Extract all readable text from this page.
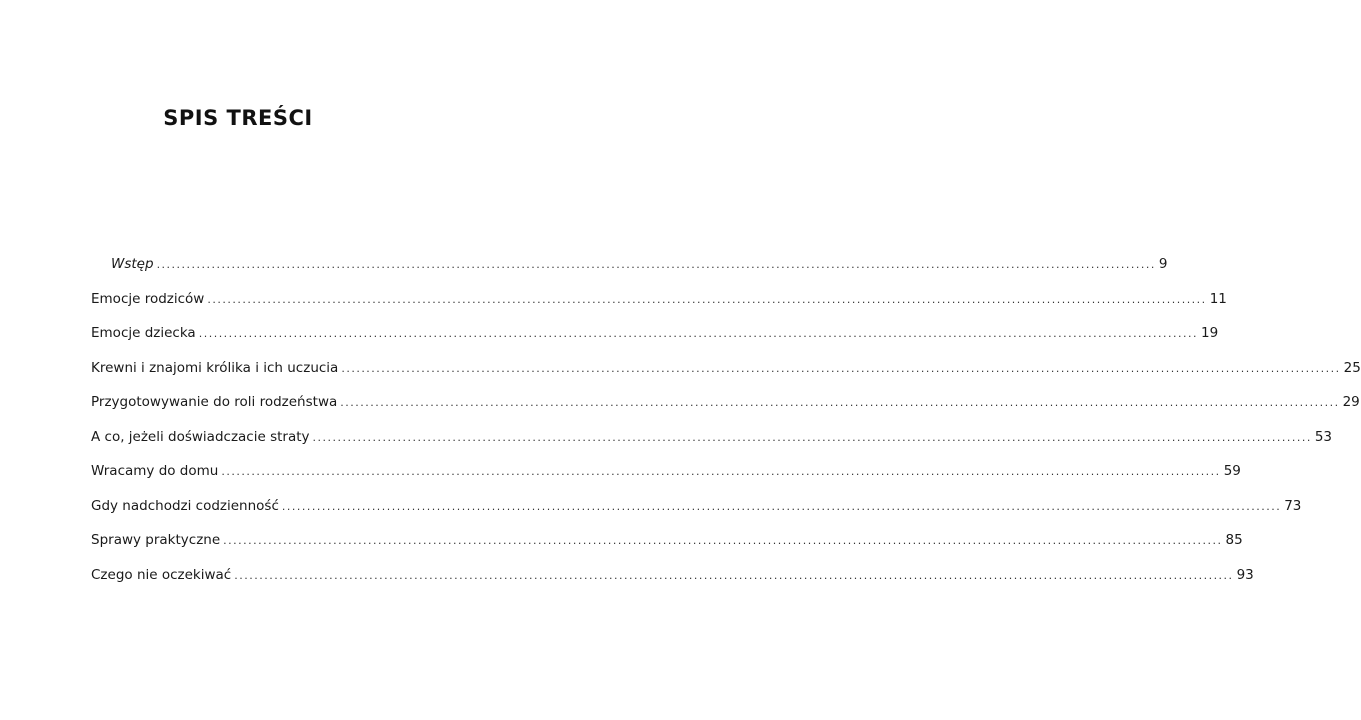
SPIS TREŚCI
Wstęp ........................................................................................................................................................................................................ 9
Emocje rodziców ........................................................................................................................................................................................................ 11
Emocje dziecka ........................................................................................................................................................................................................ 19
Krewni i znajomi królika i ich uczucia ........................................................................................................................................................................................................ 25
Przygotowywanie do roli rodzeństwa ........................................................................................................................................................................................................ 29
A co, jeżeli doświadczacie straty ........................................................................................................................................................................................................ 53
Wracamy do domu ........................................................................................................................................................................................................ 59
Gdy nadchodzi codzienność ........................................................................................................................................................................................................ 73
Sprawy praktyczne ........................................................................................................................................................................................................ 85
Czego nie oczekiwać ........................................................................................................................................................................................................ 93
